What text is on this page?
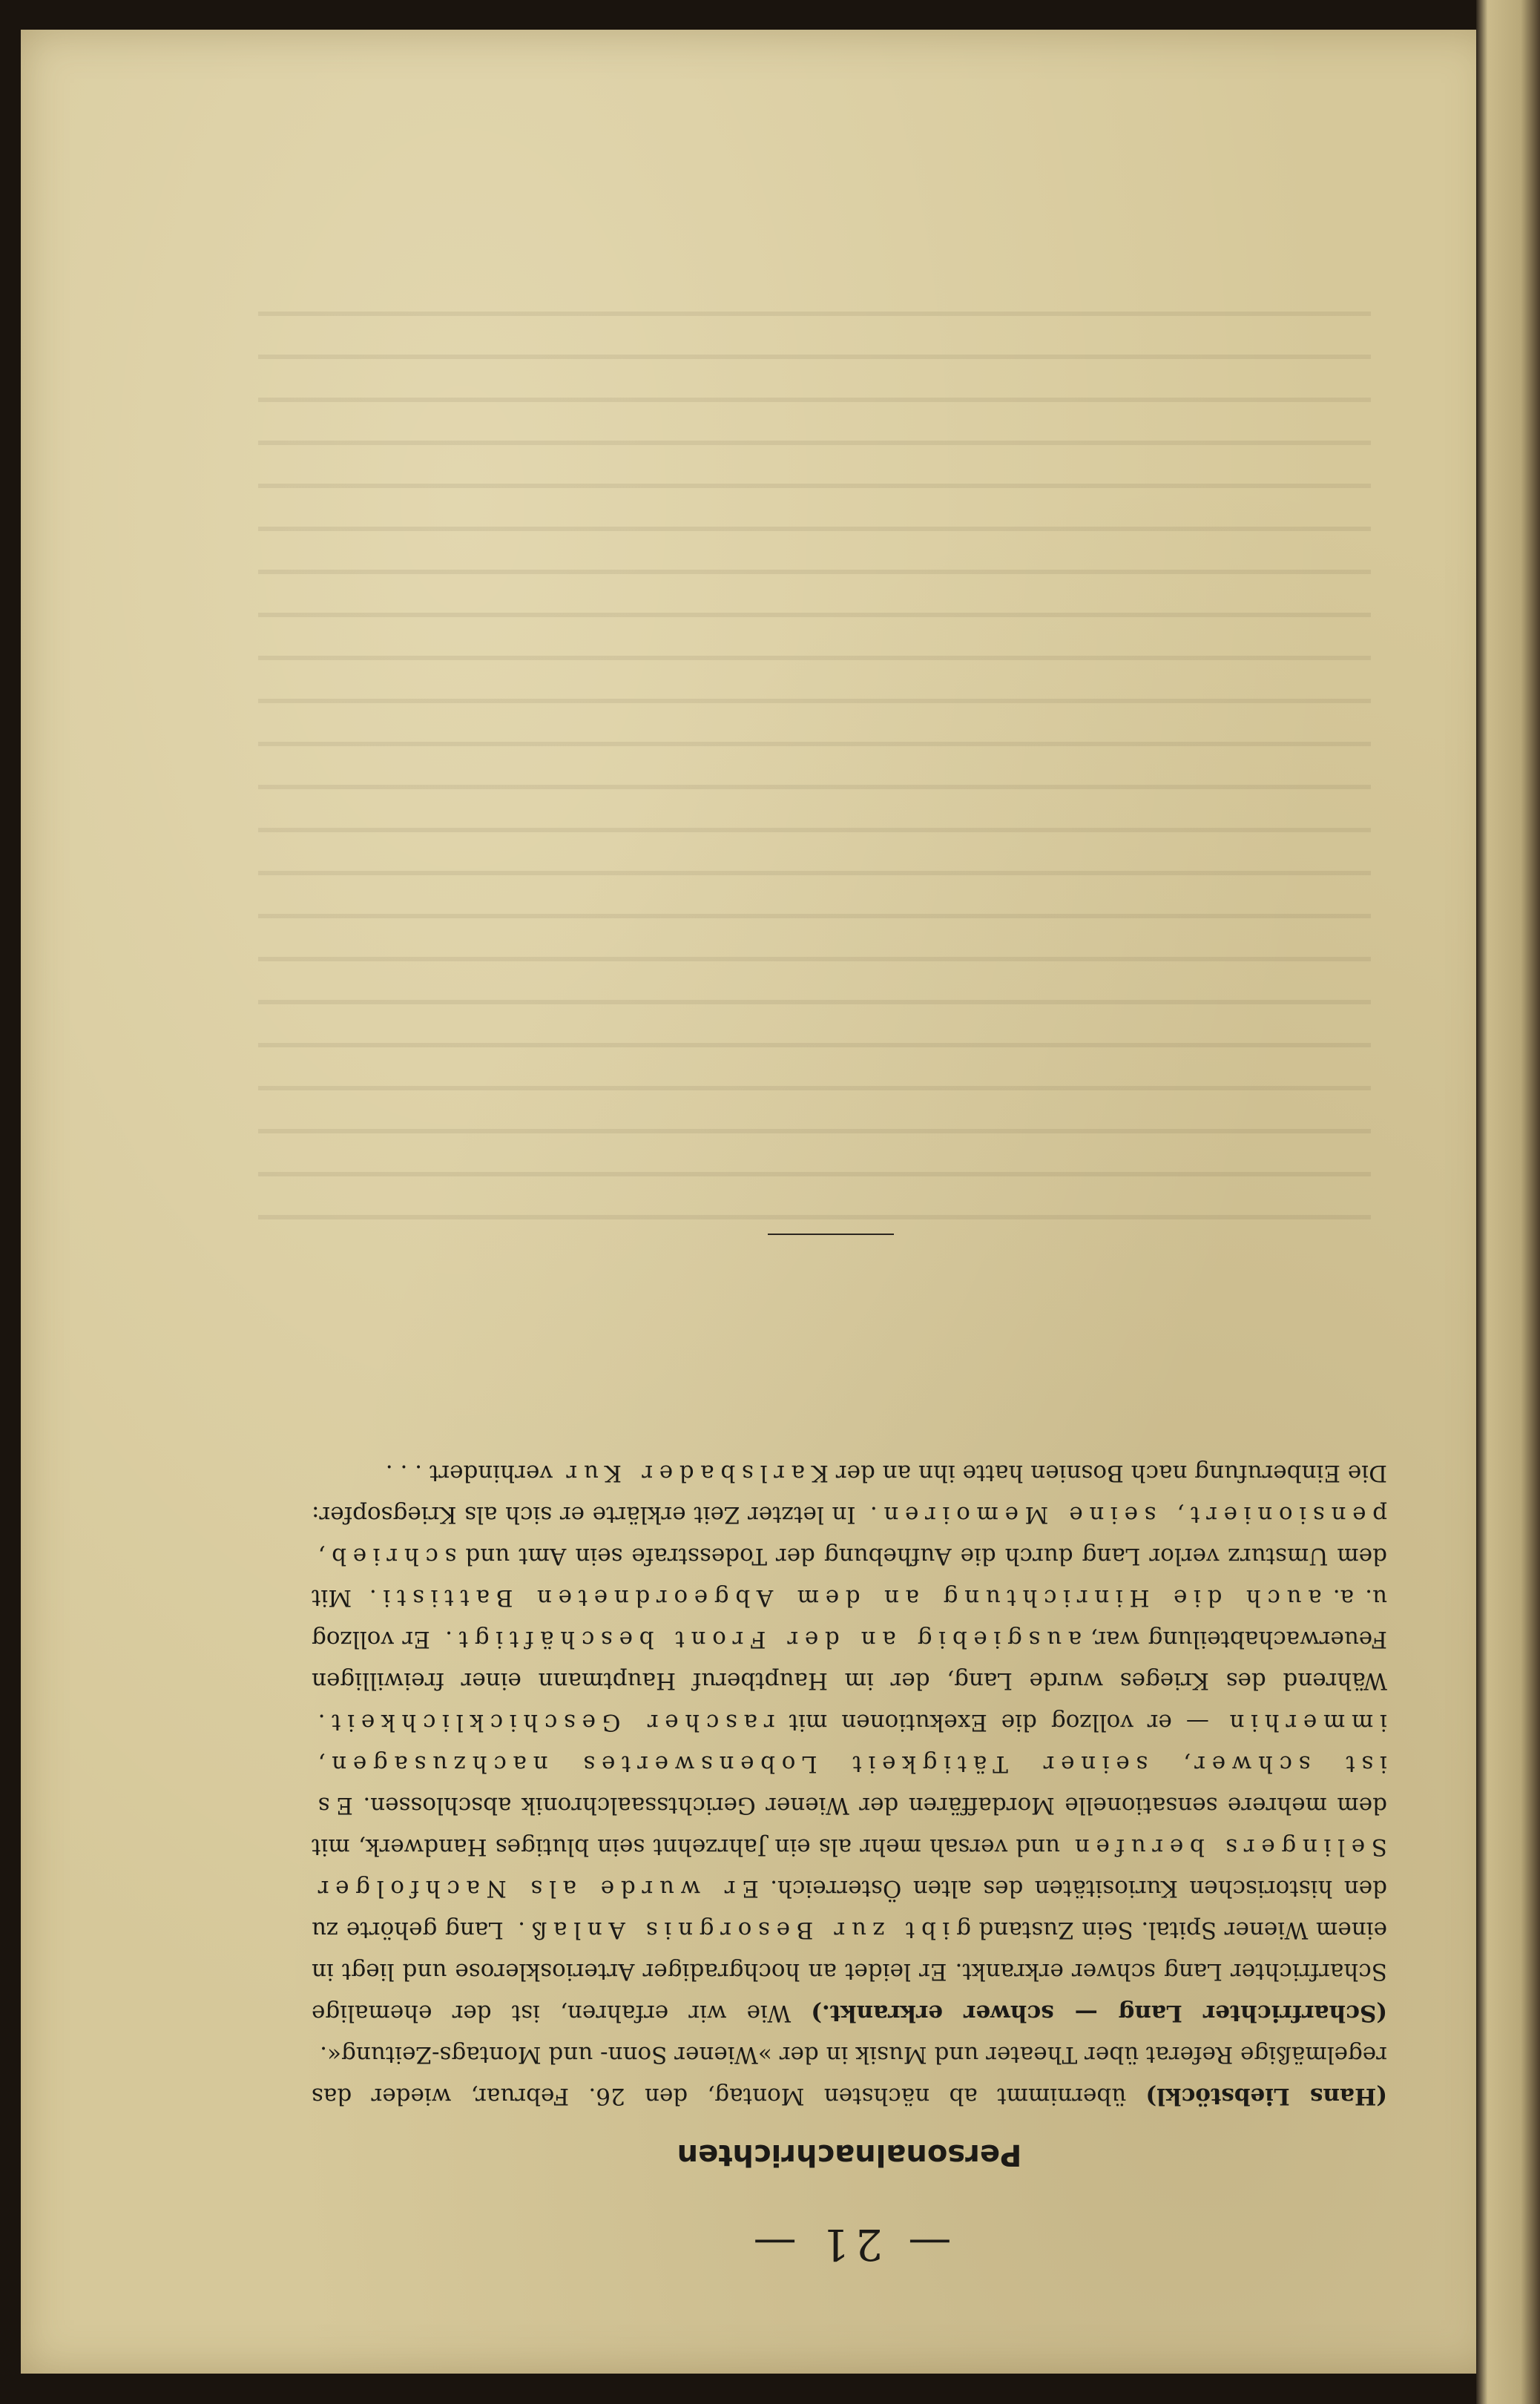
— 21 —
Personalnachrichten

(Hans Liebstöckl) übernimmt ab nächsten Montag, den 26. Februar, wieder das regelmäßige Referat über Theater und Musik in der »Wiener Sonn- und Montags-Zeitung«.

(Scharfrichter Lang — schwer erkrankt.) Wie wir erfahren, ist der ehemalige Scharfrichter Lang schwer erkrankt. Er leidet an hochgradiger Arteriosklerose und liegt in einem Wiener Spital. Sein Zustand gibt zur Besorgnis Anlaß. Lang gehörte zu den historischen Kuriositäten des alten Österreich. Er wurde als Nachfolger Selingers berufen und versah mehr als ein Jahrzehnt sein blutiges Handwerk, mit dem mehrere sensationelle Mordaffären der Wiener Gerichtssaalchronik abschlossen. Es ist schwer, seiner Tätigkeit Lobenswertes nachzusagen, immerhin — er vollzog die Exekutionen mit rascher Geschicklichkeit. Während des Krieges wurde Lang, der im Hauptberuf Hauptmann einer freiwilligen Feuerwachabteilung war, ausgiebig an der Front beschäftigt. Er vollzog u. a. auch die Hinrichtung an dem Abgeordneten Battisti. Mit dem Umsturz verlor Lang durch die Aufhebung der Todesstrafe sein Amt und schrieb, pensioniert, seine Memoiren. In letzter Zeit erklärte er sich als Kriegsopfer: Die Einberufung nach Bosnien hatte ihn an der Karlsbader Kur verhindert . . .
